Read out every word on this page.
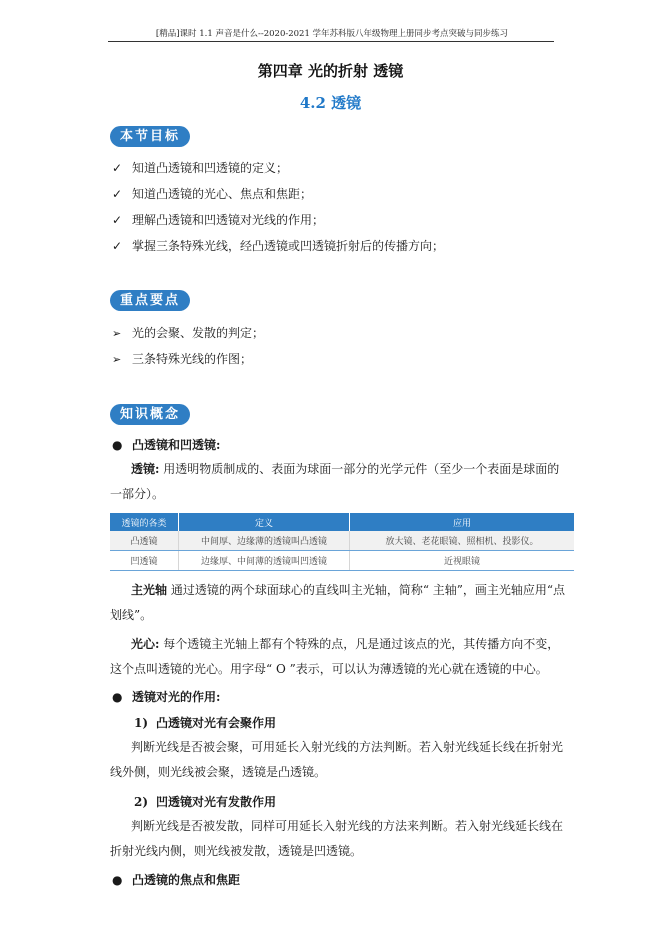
[精品]课时 1.1 声音是什么--2020-2021 学年苏科版八年级物理上册同步考点突破与同步练习
第四章 光的折射 透镜
4.2 透镜
本节目标
✓ 知道凸透镜和凹透镜的定义；
✓ 知道凸透镜的光心、焦点和焦距；
✓ 理解凸透镜和凹透镜对光线的作用；
✓ 掌握三条特殊光线，经凸透镜或凹透镜折射后的传播方向；
重点要点
➢ 光的会聚、发散的判定；
➢ 三条特殊光线的作图；
知识概念
● 凸透镜和凹透镜:
透镜: 用透明物质制成的、表面为球面一部分的光学元件（至少一个表面是球面的
一部分）。
透镜的各类	定义	应用
凸透镜	中间厚、边缘薄的透镜叫凸透镜	放大镜、老花眼镜、照相机、投影仪。
凹透镜	边缘厚、中间薄的透镜叫凹透镜	近视眼镜
主光轴 通过透镜的两个球面球心的直线叫主光轴，简称“ 主轴”，画主光轴应用“点
划线”。
光心: 每个透镜主光轴上都有个特殊的点，凡是通过该点的光，其传播方向不变，
这个点叫透镜的光心。用字母“ O ”表示，可以认为薄透镜的光心就在透镜的中心。
● 透镜对光的作用:
1) 凸透镜对光有会聚作用
判断光线是否被会聚，可用延长入射光线的方法判断。若入射光线延长线在折射光
线外侧，则光线被会聚，透镜是凸透镜。
2) 凹透镜对光有发散作用
判断光线是否被发散，同样可用延长入射光线的方法来判断。若入射光线延长线在
折射光线内侧，则光线被发散，透镜是凹透镜。
● 凸透镜的焦点和焦距
